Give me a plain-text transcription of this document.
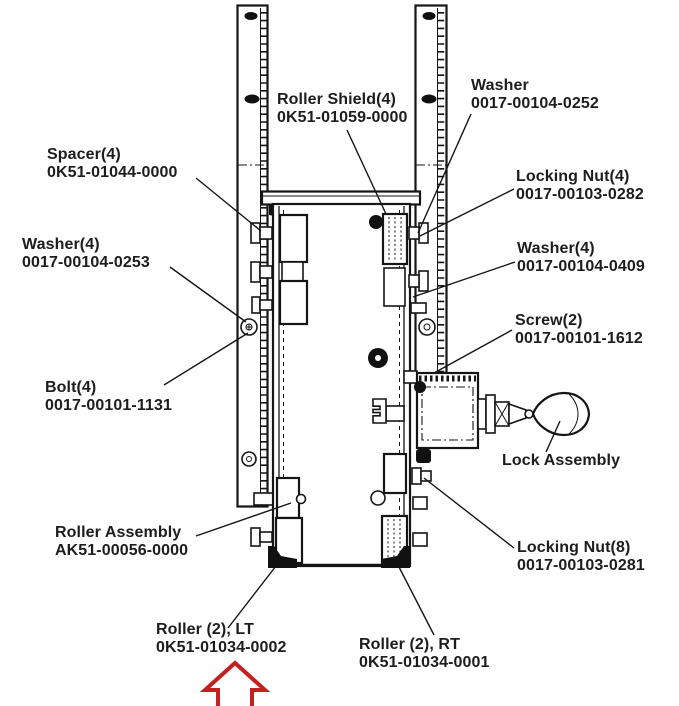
Spacer(4)
0K51-01044-0000
Washer(4)
0017-00104-0253
Bolt(4)
0017-00101-1131
Roller Assembly
AK51-00056-0000
Roller (2), LT
0K51-01034-0002
Roller Shield(4)
0K51-01059-0000
Washer
0017-00104-0252
Locking Nut(4)
0017-00103-0282
Washer(4)
0017-00104-0409
Screw(2)
0017-00101-1612
Lock Assembly
Locking Nut(8)
0017-00103-0281
Roller (2), RT
0K51-01034-0001
